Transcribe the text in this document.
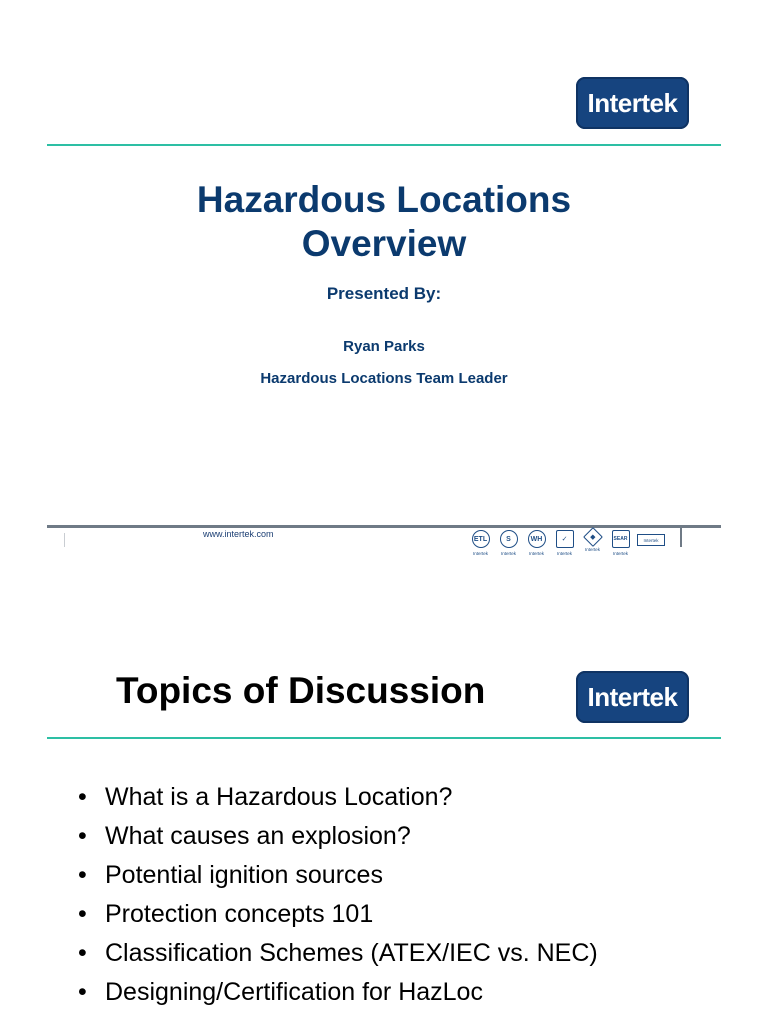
Intertek
Hazardous Locations
Overview
Presented By:
Ryan Parks
Hazardous Locations Team Leader
www.intertek.com	ETL
Intertek
S
Intertek
WH
Intertek
✓
Intertek
◆
Intertek
SEAR
Intertek
Intertek
Topics of Discussion	Intertek
• What is a Hazardous Location?
• What causes an explosion?
• Potential ignition sources
• Protection concepts 101
• Classification Schemes (ATEX/IEC vs. NEC)
• Designing/Certification for HazLoc
